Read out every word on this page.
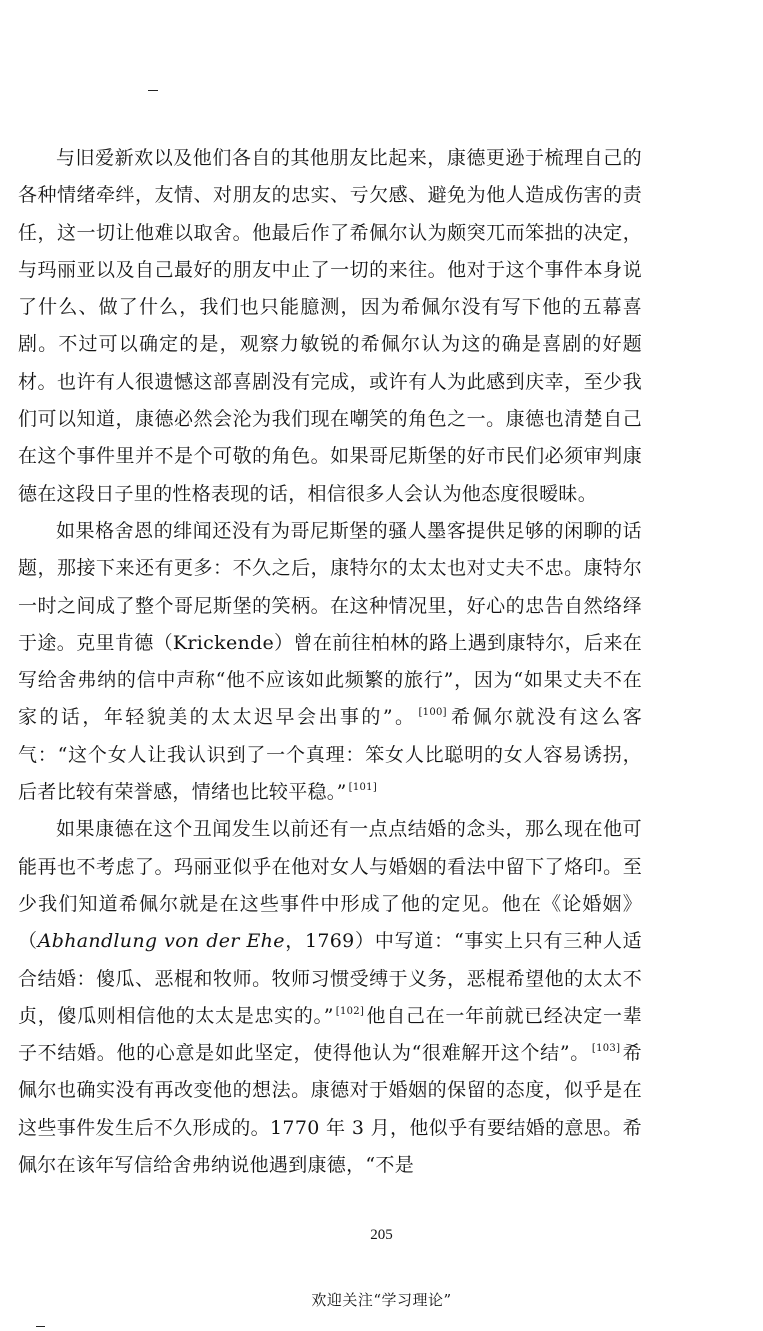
与旧爱新欢以及他们各自的其他朋友比起来，康德更逊于梳理自己的各种情绪牵绊，友情、对朋友的忠实、亏欠感、避免为他人造成伤害的责任，这一切让他难以取舍。他最后作了希佩尔认为颇突兀而笨拙的决定，与玛丽亚以及自己最好的朋友中止了一切的来往。他对于这个事件本身说了什么、做了什么，我们也只能臆测，因为希佩尔没有写下他的五幕喜剧。不过可以确定的是，观察力敏锐的希佩尔认为这的确是喜剧的好题材。也许有人很遗憾这部喜剧没有完成，或许有人为此感到庆幸，至少我们可以知道，康德必然会沦为我们现在嘲笑的角色之一。康德也清楚自己在这个事件里并不是个可敬的角色。如果哥尼斯堡的好市民们必须审判康德在这段日子里的性格表现的话，相信很多人会认为他态度很暧昧。

如果格舍恩的绯闻还没有为哥尼斯堡的骚人墨客提供足够的闲聊的话题，那接下来还有更多：不久之后，康特尔的太太也对丈夫不忠。康特尔一时之间成了整个哥尼斯堡的笑柄。在这种情况里，好心的忠告自然络绎于途。克里肯德（Krickende）曾在前往柏林的路上遇到康特尔，后来在写给舍弗纳的信中声称“他不应该如此频繁的旅行”，因为“如果丈夫不在家的话，年轻貌美的太太迟早会出事的”。 [100] 希佩尔就没有这么客气：“这个女人让我认识到了一个真理：笨女人比聪明的女人容易诱拐，后者比较有荣誉感，情绪也比较平稳。” [101]

如果康德在这个丑闻发生以前还有一点点结婚的念头，那么现在他可能再也不考虑了。玛丽亚似乎在他对女人与婚姻的看法中留下了烙印。至少我们知道希佩尔就是在这些事件中形成了他的定见。他在《论婚姻》（Abhandlung von der Ehe，1769）中写道：“事实上只有三种人适合结婚：傻瓜、恶棍和牧师。牧师习惯受缚于义务，恶棍希望他的太太不贞，傻瓜则相信他的太太是忠实的。” [102] 他自己在一年前就已经决定一辈子不结婚。他的心意是如此坚定，使得他认为“很难解开这个结”。 [103] 希佩尔也确实没有再改变他的想法。康德对于婚姻的保留的态度，似乎是在这些事件发生后不久形成的。1770 年 3 月，他似乎有要结婚的意思。希佩尔在该年写信给舍弗纳说他遇到康德，“不是

205
欢迎关注“学习理论”
